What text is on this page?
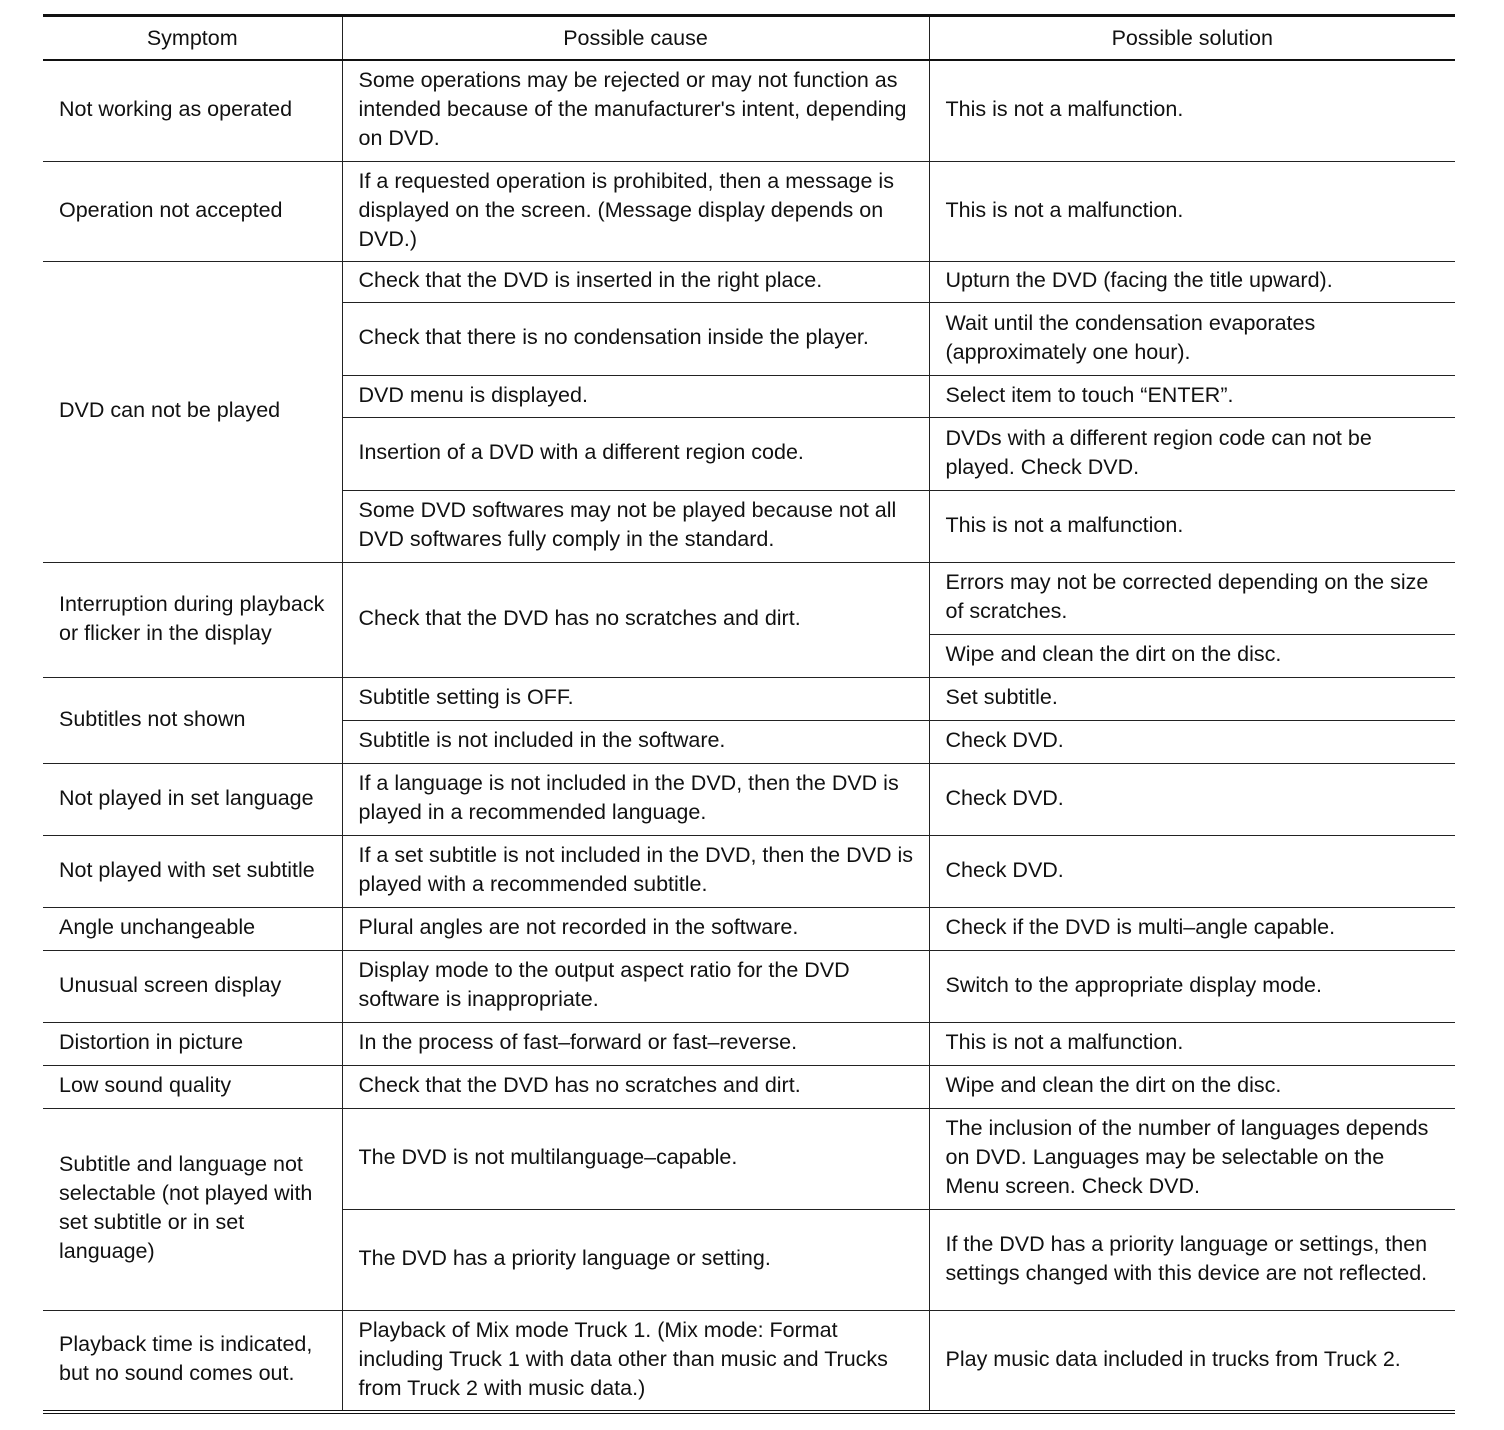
Symptom	Possible cause	Possible solution
Not working as operated	Some operations may be rejected or may not function as intended because of the manufacturer's intent, depending on DVD.	This is not a malfunction.
Operation not accepted	If a requested operation is prohibited, then a message is displayed on the screen. (Message display depends on DVD.)	This is not a malfunction.
DVD can not be played	Check that the DVD is inserted in the right place.	Upturn the DVD (facing the title upward).
	Check that there is no condensation inside the player.	Wait until the condensation evaporates (approximately one hour).
	DVD menu is displayed.	Select item to touch “ENTER”.
	Insertion of a DVD with a different region code.	DVDs with a different region code can not be played. Check DVD.
	Some DVD softwares may not be played because not all DVD softwares fully comply in the standard.	This is not a malfunction.
Interruption during playback or flicker in the display	Check that the DVD has no scratches and dirt.	Errors may not be corrected depending on the size of scratches.
		Wipe and clean the dirt on the disc.
Subtitles not shown	Subtitle setting is OFF.	Set subtitle.
	Subtitle is not included in the software.	Check DVD.
Not played in set language	If a language is not included in the DVD, then the DVD is played in a recommended language.	Check DVD.
Not played with set subtitle	If a set subtitle is not included in the DVD, then the DVD is played with a recommended subtitle.	Check DVD.
Angle unchangeable	Plural angles are not recorded in the software.	Check if the DVD is multi–angle capable.
Unusual screen display	Display mode to the output aspect ratio for the DVD software is inappropriate.	Switch to the appropriate display mode.
Distortion in picture	In the process of fast–forward or fast–reverse.	This is not a malfunction.
Low sound quality	Check that the DVD has no scratches and dirt.	Wipe and clean the dirt on the disc.
Subtitle and language not selectable (not played with set subtitle or in set language)	The DVD is not multilanguage–capable.	The inclusion of the number of languages depends on DVD. Languages may be selectable on the Menu screen. Check DVD.
	The DVD has a priority language or setting.	If the DVD has a priority language or settings, then settings changed with this device are not reflected.
Playback time is indicated, but no sound comes out.	Playback of Mix mode Truck 1. (Mix mode: Format including Truck 1 with data other than music and Trucks from Truck 2 with music data.)	Play music data included in trucks from Truck 2.
